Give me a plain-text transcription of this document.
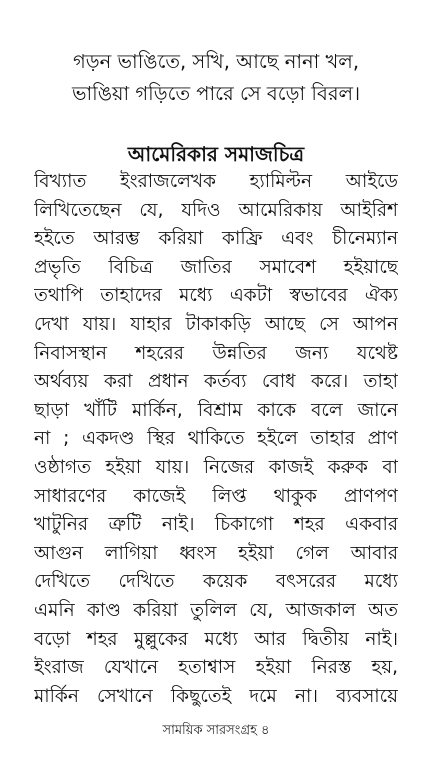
গড়ন ভাঙিতে, সখি, আছে নানা খল,
ভাঙিয়া গড়িতে পারে সে বড়ো বিরল।
আমেরিকার সমাজচিত্র
বিখ্যাত ইংরাজলেখক হ্যামিল্টন আইডে
লিখিতেছেন যে, যদিও আমেরিকায় আইরিশ
হইতে আরম্ভ করিয়া কাফ্রি এবং চীনেম্যান
প্রভৃতি বিচিত্র জাতির সমাবেশ হইয়াছে
তথাপি তাহাদের মধ্যে একটা স্বভাবের ঐক্য
দেখা যায়। যাহার টাকাকড়ি আছে সে আপন
নিবাসস্থান শহরের উন্নতির জন্য যথেষ্ট
অর্থব্যয় করা প্রধান কর্তব্য বোধ করে। তাহা
ছাড়া খাঁটি মার্কিন, বিশ্রাম কাকে বলে জানে
না ; একদণ্ড স্থির থাকিতে হইলে তাহার প্রাণ
ওষ্ঠাগত হইয়া যায়। নিজের কাজই করুক বা
সাধারণের কাজেই লিপ্ত থাকুক প্রাণপণ
খাটুনির ত্রুটি নাই। চিকাগো শহর একবার
আগুন লাগিয়া ধ্বংস হইয়া গেল আবার
দেখিতে দেখিতে কয়েক বৎসরের মধ্যে
এমনি কাণ্ড করিয়া তুলিল যে, আজকাল অত
বড়ো শহর মুল্লুকের মধ্যে আর দ্বিতীয় নাই।
ইংরাজ যেখানে হতাশ্বাস হইয়া নিরস্ত হয়,
মার্কিন সেখানে কিছুতেই দমে না। ব্যবসায়ে
সাময়িক সারসংগ্রহ ৪
